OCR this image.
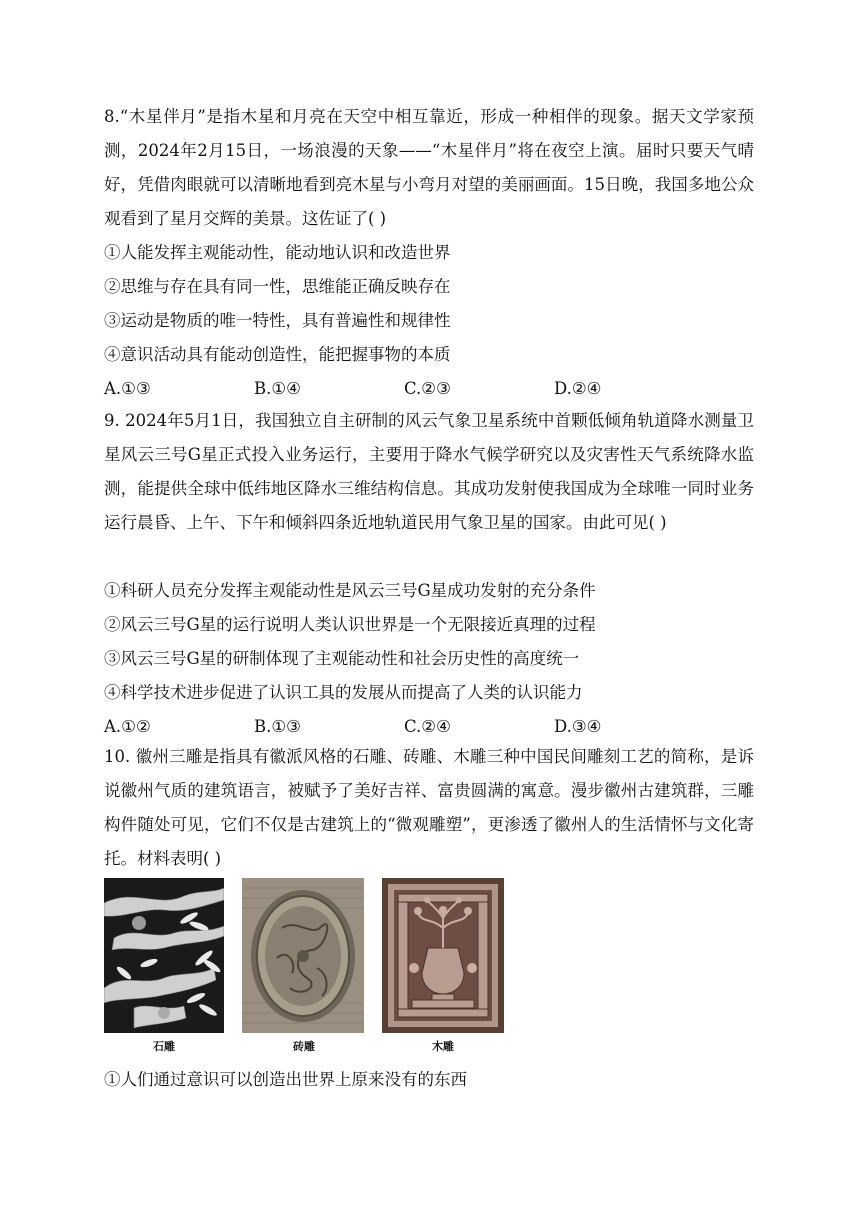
8.“木星伴月”是指木星和月亮在天空中相互靠近，形成一种相伴的现象。据天文学家预测，2024年2月15日，一场浪漫的天象——“木星伴月”将在夜空上演。届时只要天气晴好，凭借肉眼就可以清晰地看到亮木星与小弯月对望的美丽画面。15日晚，我国多地公众观看到了星月交辉的美景。这佐证了( )
①人能发挥主观能动性，能动地认识和改造世界
②思维与存在具有同一性，思维能正确反映存在
③运动是物质的唯一特性，具有普遍性和规律性
④意识活动具有能动创造性，能把握事物的本质
A.①③	B.①④	C.②③	D.②④
9. 2024年5月1日，我国独立自主研制的风云气象卫星系统中首颗低倾角轨道降水测量卫星风云三号G星正式投入业务运行，主要用于降水气候学研究以及灾害性天气系统降水监测，能提供全球中低纬地区降水三维结构信息。其成功发射使我国成为全球唯一同时业务运行晨昏、上午、下午和倾斜四条近地轨道民用气象卫星的国家。由此可见( )
①科研人员充分发挥主观能动性是风云三号G星成功发射的充分条件
②风云三号G星的运行说明人类认识世界是一个无限接近真理的过程
③风云三号G星的研制体现了主观能动性和社会历史性的高度统一
④科学技术进步促进了认识工具的发展从而提高了人类的认识能力
A.①②	B.①③	C.②④	D.③④
10. 徽州三雕是指具有徽派风格的石雕、砖雕、木雕三种中国民间雕刻工艺的简称，是诉说徽州气质的建筑语言，被赋予了美好吉祥、富贵圆满的寓意。漫步徽州古建筑群，三雕构件随处可见，它们不仅是古建筑上的“微观雕塑”，更渗透了徽州人的生活情怀与文化寄托。材料表明( )
石雕	砖雕	木雕
①人们通过意识可以创造出世界上原来没有的东西
